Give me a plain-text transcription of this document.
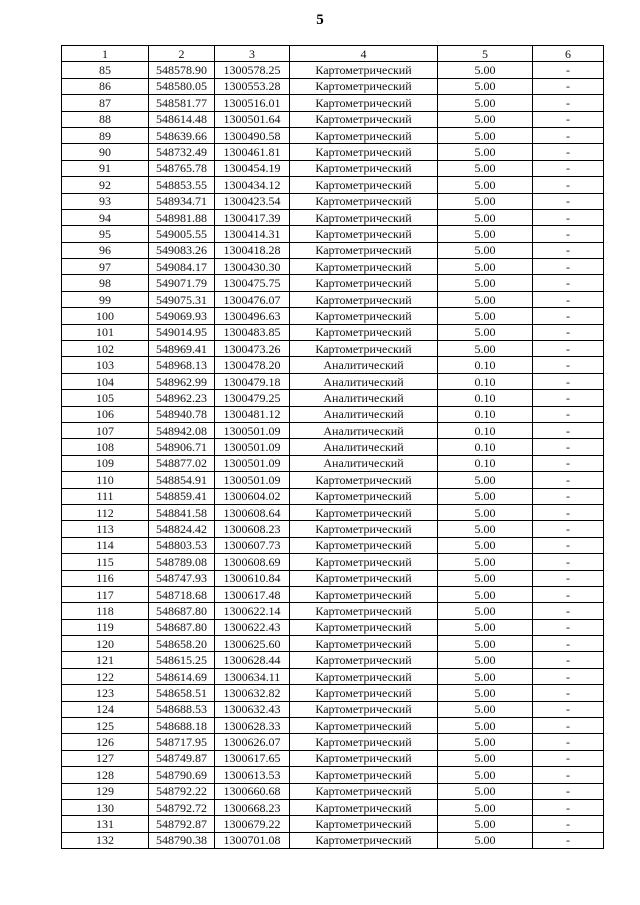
5
1	2	3	4	5	6
85	548578.90	1300578.25	Картометрический	5.00	-
86	548580.05	1300553.28	Картометрический	5.00	-
87	548581.77	1300516.01	Картометрический	5.00	-
88	548614.48	1300501.64	Картометрический	5.00	-
89	548639.66	1300490.58	Картометрический	5.00	-
90	548732.49	1300461.81	Картометрический	5.00	-
91	548765.78	1300454.19	Картометрический	5.00	-
92	548853.55	1300434.12	Картометрический	5.00	-
93	548934.71	1300423.54	Картометрический	5.00	-
94	548981.88	1300417.39	Картометрический	5.00	-
95	549005.55	1300414.31	Картометрический	5.00	-
96	549083.26	1300418.28	Картометрический	5.00	-
97	549084.17	1300430.30	Картометрический	5.00	-
98	549071.79	1300475.75	Картометрический	5.00	-
99	549075.31	1300476.07	Картометрический	5.00	-
100	549069.93	1300496.63	Картометрический	5.00	-
101	549014.95	1300483.85	Картометрический	5.00	-
102	548969.41	1300473.26	Картометрический	5.00	-
103	548968.13	1300478.20	Аналитический	0.10	-
104	548962.99	1300479.18	Аналитический	0.10	-
105	548962.23	1300479.25	Аналитический	0.10	-
106	548940.78	1300481.12	Аналитический	0.10	-
107	548942.08	1300501.09	Аналитический	0.10	-
108	548906.71	1300501.09	Аналитический	0.10	-
109	548877.02	1300501.09	Аналитический	0.10	-
110	548854.91	1300501.09	Картометрический	5.00	-
111	548859.41	1300604.02	Картометрический	5.00	-
112	548841.58	1300608.64	Картометрический	5.00	-
113	548824.42	1300608.23	Картометрический	5.00	-
114	548803.53	1300607.73	Картометрический	5.00	-
115	548789.08	1300608.69	Картометрический	5.00	-
116	548747.93	1300610.84	Картометрический	5.00	-
117	548718.68	1300617.48	Картометрический	5.00	-
118	548687.80	1300622.14	Картометрический	5.00	-
119	548687.80	1300622.43	Картометрический	5.00	-
120	548658.20	1300625.60	Картометрический	5.00	-
121	548615.25	1300628.44	Картометрический	5.00	-
122	548614.69	1300634.11	Картометрический	5.00	-
123	548658.51	1300632.82	Картометрический	5.00	-
124	548688.53	1300632.43	Картометрический	5.00	-
125	548688.18	1300628.33	Картометрический	5.00	-
126	548717.95	1300626.07	Картометрический	5.00	-
127	548749.87	1300617.65	Картометрический	5.00	-
128	548790.69	1300613.53	Картометрический	5.00	-
129	548792.22	1300660.68	Картометрический	5.00	-
130	548792.72	1300668.23	Картометрический	5.00	-
131	548792.87	1300679.22	Картометрический	5.00	-
132	548790.38	1300701.08	Картометрический	5.00	-
